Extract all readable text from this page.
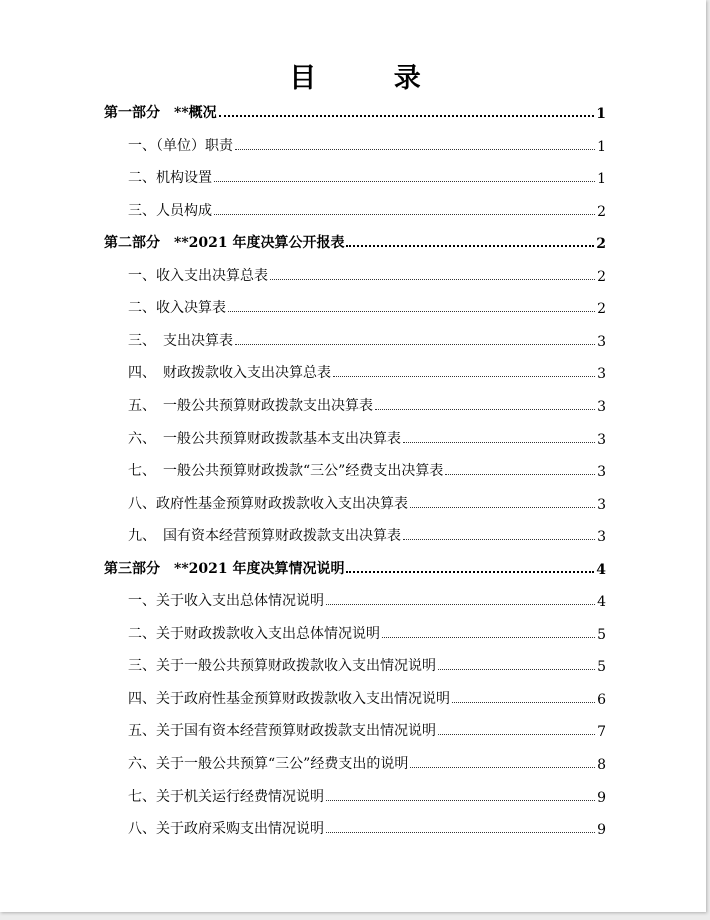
目 录
第一部分　**概况	1
一、（单位）职责	1
二、机构设置	1
三、人员构成	2
第二部分　**2021 年度决算公开报表	2
一、收入支出决算总表	2
二、收入决算表	2
三、　支出决算表	3
四、　财政拨款收入支出决算总表	3
五、　一般公共预算财政拨款支出决算表	3
六、　一般公共预算财政拨款基本支出决算表	3
七、　一般公共预算财政拨款“三公”经费支出决算表	3
八、政府性基金预算财政拨款收入支出决算表	3
九、　国有资本经营预算财政拨款支出决算表	3
第三部分　**2021 年度决算情况说明	4
一、关于收入支出总体情况说明	4
二、关于财政拨款收入支出总体情况说明	5
三、关于一般公共预算财政拨款收入支出情况说明	5
四、关于政府性基金预算财政拨款收入支出情况说明	6
五、关于国有资本经营预算财政拨款支出情况说明	7
六、关于一般公共预算“三公”经费支出的说明	8
七、关于机关运行经费情况说明	9
八、关于政府采购支出情况说明	9
